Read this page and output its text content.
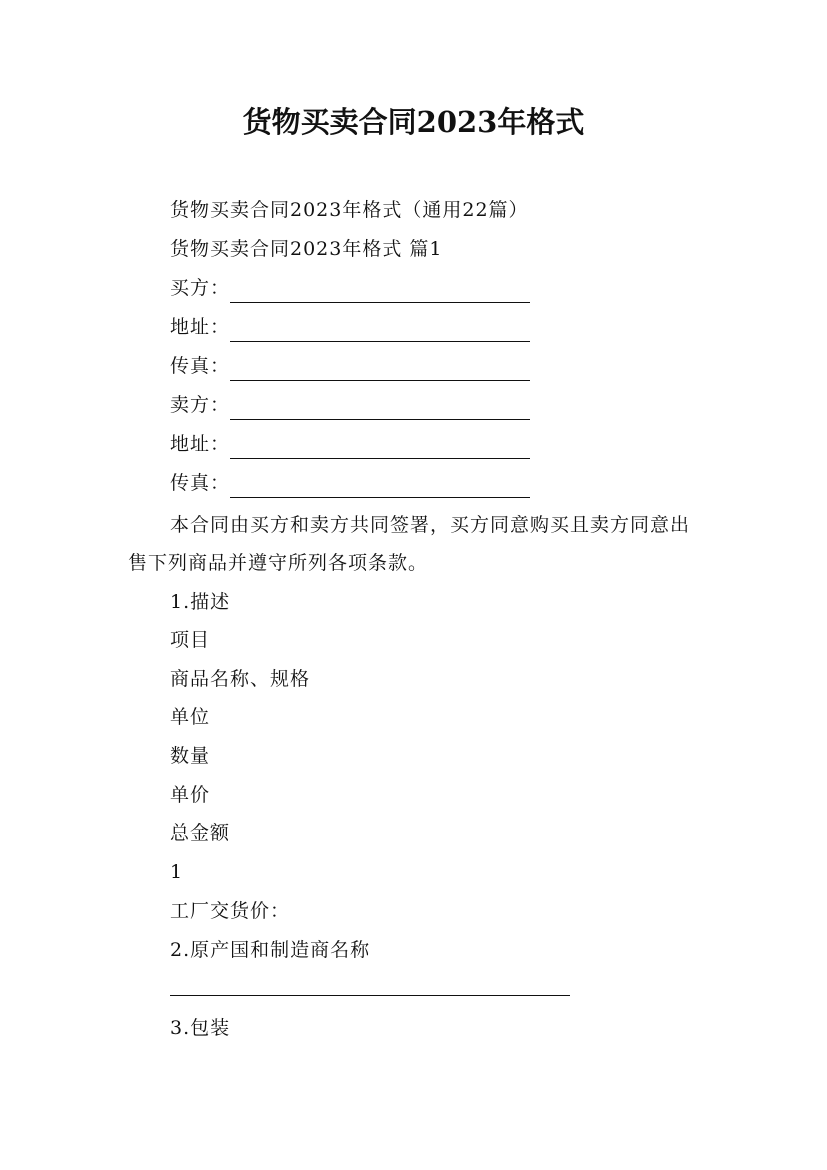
货物买卖合同2023年格式
货物买卖合同2023年格式（通用22篇）
货物买卖合同2023年格式 篇1
买方：
地址：
传真：
卖方：
地址：
传真：
本合同由买方和卖方共同签署，买方同意购买且卖方同意出售下列商品并遵守所列各项条款。
1.描述
项目
商品名称、规格
单位
数量
单价
总金额
1
工厂交货价：
2.原产国和制造商名称
3.包装
